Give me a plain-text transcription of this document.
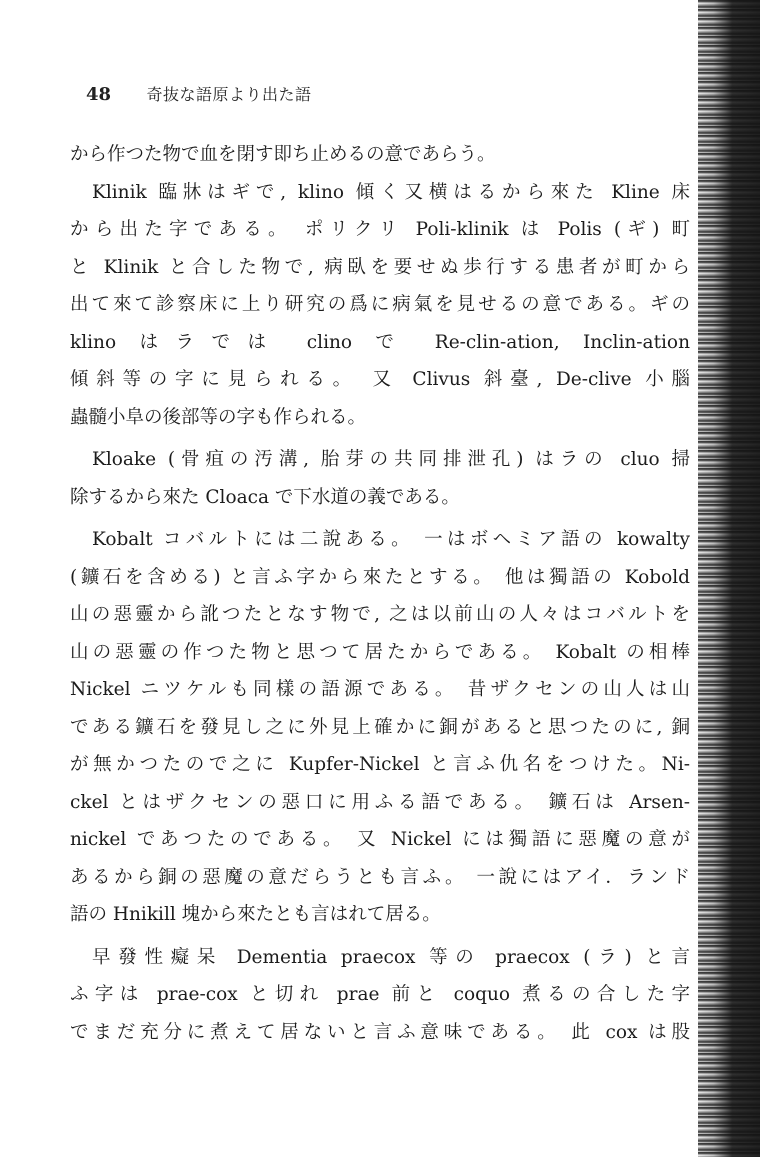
48 奇抜な語原より出た語
から作つた物で血を閉す即ち止めるの意であらう。
Klinik 臨牀はギで, klino 傾く又横はるから來た Kline 床
から出た字である。 ポリクリ Poli-klinik は Polis (ギ) 町
と Klinik と合した物で, 病臥を要せぬ歩行する患者が町から
出て來て診察床に上り研究の爲に病氣を見せるの意である。ギの
klino はラでは clino で Re-clin-ation, Inclin-ation
傾斜等の字に見られる。 又 Clivus 斜臺, De-clive 小腦
蟲髓小阜の後部等の字も作られる。
Kloake (骨疽の汚溝, 胎芽の共同排泄孔) はラの cluo 掃
除するから來た Cloaca で下水道の義である。
Kobalt コバルトには二說ある。 一はボヘミア語の kowalty
(鑛石を含める) と言ふ字から來たとする。 他は獨語の Kobold
山の惡靈から訛つたとなす物で, 之は以前山の人々はコバルトを
山の惡靈の作つた物と思つて居たからである。 Kobalt の相棒
Nickel ニツケルも同樣の語源である。 昔ザクセンの山人は山
である鑛石を發見し之に外見上確かに銅があると思つたのに, 銅
が無かつたので之に Kupfer-Nickel と言ふ仇名をつけた。Ni-
ckel とはザクセンの惡口に用ふる語である。 鑛石は Arsen-
nickel であつたのである。 又 Nickel には獨語に惡魔の意が
あるから銅の惡魔の意だらうとも言ふ。 一說にはアイ．ランド
語の Hnikill 塊から來たとも言はれて居る。
早發性癡呆 Dementia praecox 等の praecox (ラ) と言
ふ字は prae-cox と切れ prae 前と coquo 煮るの合した字
でまだ充分に煮えて居ないと言ふ意味である。 此 cox は股
